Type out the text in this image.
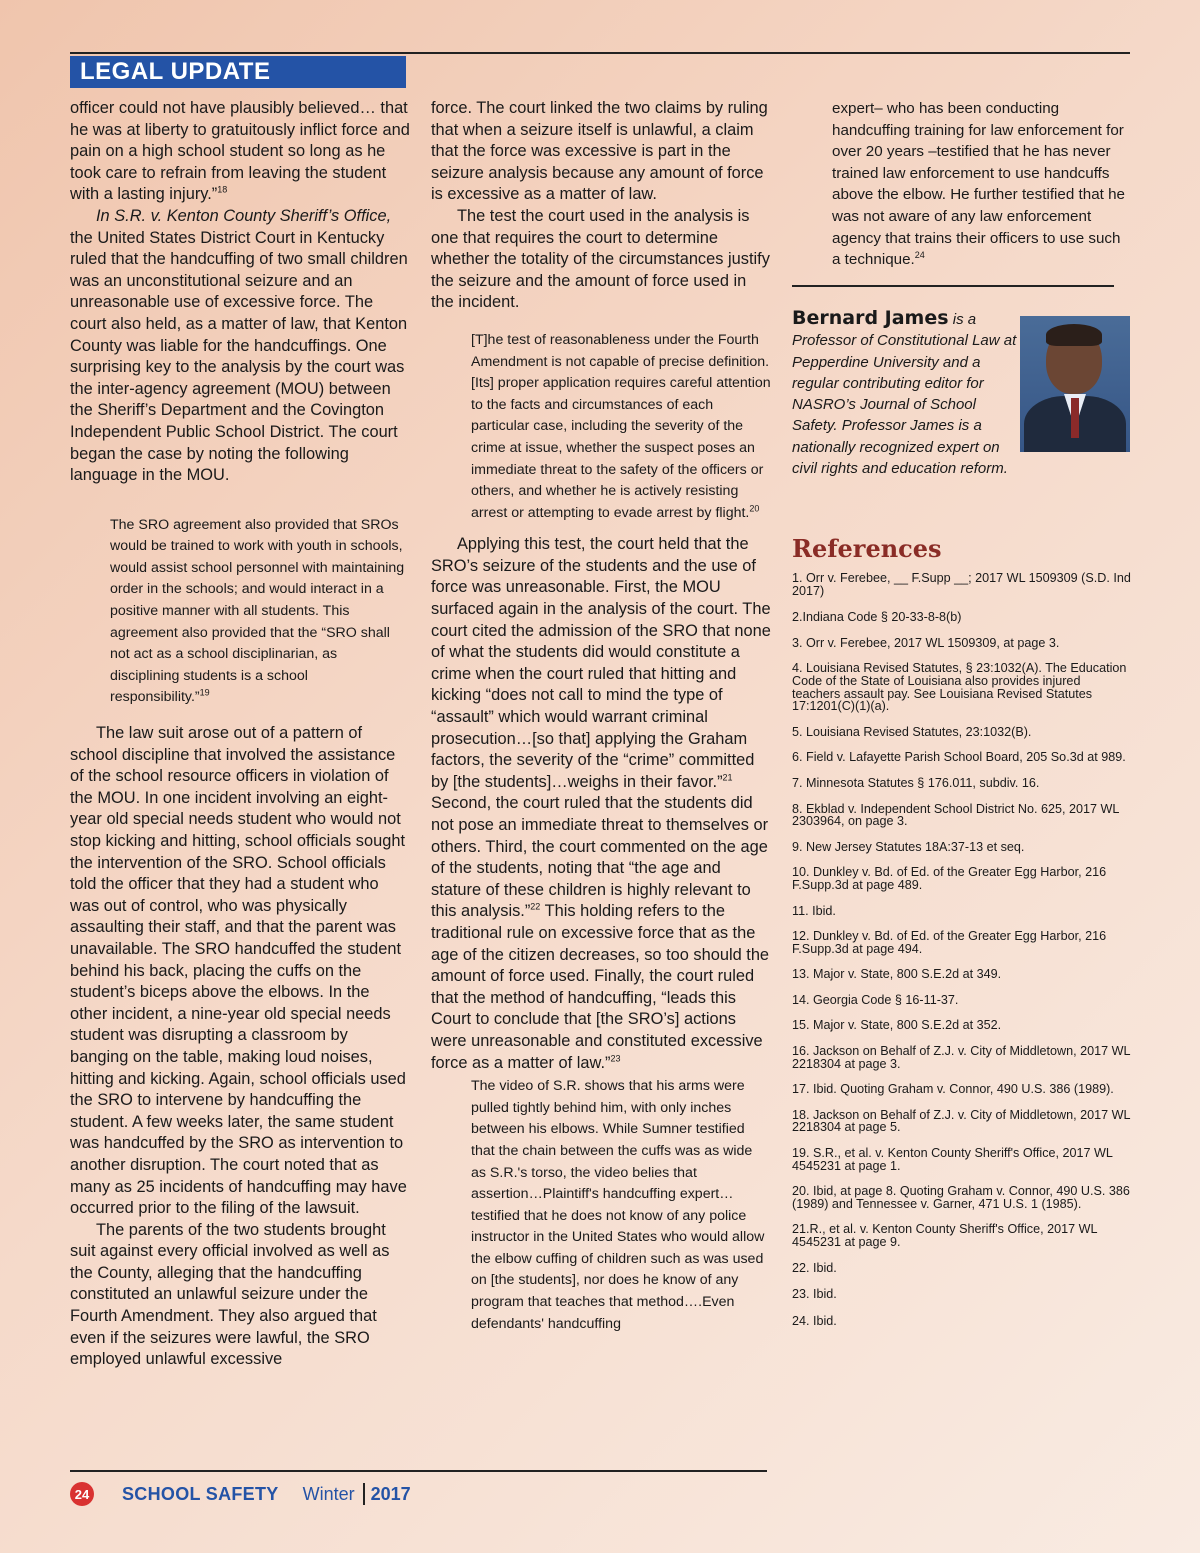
LEGAL UPDATE

officer could not have plausibly believed… that he was at liberty to gratuitously inflict force and pain on a high school student so long as he took care to refrain from leaving the student with a lasting injury.”$^{18}$

In S.R. v. Kenton County Sheriff’s Office, the United States District Court in Kentucky ruled that the handcuffing of two small children was an unconstitutional seizure and an unreasonable use of excessive force. The court also held, as a matter of law, that Kenton County was liable for the handcuffings. One surprising key to the analysis by the court was the inter-agency agreement (MOU) between the Sheriff’s Department and the Covington Independent Public School District. The court began the case by noting the following language in the MOU.

The SRO agreement also provided that SROs would be trained to work with youth in schools, would assist school personnel with maintaining order in the schools; and would interact in a positive manner with all students. This agreement also provided that the “SRO shall not act as a school disciplinarian, as disciplining students is a school responsibility.”$^{19}$

The law suit arose out of a pattern of school discipline that involved the assistance of the school resource officers in violation of the MOU. In one incident involving an eight-year old special needs student who would not stop kicking and hitting, school officials sought the intervention of the SRO. School officials told the officer that they had a student who was out of control, who was physically assaulting their staff, and that the parent was unavailable. The SRO handcuffed the student behind his back, placing the cuffs on the student’s biceps above the elbows. In the other incident, a nine-year old special needs student was disrupting a classroom by banging on the table, making loud noises, hitting and kicking. Again, school officials used the SRO to intervene by handcuffing the student. A few weeks later, the same student was handcuffed by the SRO as intervention to another disruption. The court noted that as many as 25 incidents of handcuffing may have occurred prior to the filing of the lawsuit.

The parents of the two students brought suit against every official involved as well as the County, alleging that the handcuffing constituted an unlawful seizure under the Fourth Amendment. They also argued that even if the seizures were lawful, the SRO employed unlawful excessive

force. The court linked the two claims by ruling that when a seizure itself is unlawful, a claim that the force was excessive is part in the seizure analysis because any amount of force is excessive as a matter of law.

The test the court used in the analysis is one that requires the court to determine whether the totality of the circumstances justify the seizure and the amount of force used in the incident.

[T]he test of reasonableness under the Fourth Amendment is not capable of precise definition. [Its] proper application requires careful attention to the facts and circumstances of each particular case, including the severity of the crime at issue, whether the suspect poses an immediate threat to the safety of the officers or others, and whether he is actively resisting arrest or attempting to evade arrest by flight.$^{20}$

Applying this test, the court held that the SRO’s seizure of the students and the use of force was unreasonable. First, the MOU surfaced again in the analysis of the court. The court cited the admission of the SRO that none of what the students did would constitute a crime when the court ruled that hitting and kicking “does not call to mind the type of “assault” which would warrant criminal prosecution…[so that] applying the Graham factors, the severity of the “crime” committed by [the students]…weighs in their favor.”$^{21}$ Second, the court ruled that the students did not pose an immediate threat to themselves or others. Third, the court commented on the age of the students, noting that “the age and stature of these children is highly relevant to this analysis.”$^{22}$ This holding refers to the traditional rule on excessive force that as the age of the citizen decreases, so too should the amount of force used. Finally, the court ruled that the method of handcuffing, “leads this Court to conclude that [the SRO’s] actions were unreasonable and constituted excessive force as a matter of law.”$^{23}$

The video of S.R. shows that his arms were pulled tightly behind him, with only inches between his elbows. While Sumner testified that the chain between the cuffs was as wide as S.R.'s torso, the video belies that assertion…Plaintiff's handcuffing expert…testified that he does not know of any police instructor in the United States who would allow the elbow cuffing of children such as was used on [the students], nor does he know of any program that teaches that method….Even defendants' handcuffing

expert– who has been conducting handcuffing training for law enforcement for over 20 years –testified that he has never trained law enforcement to use handcuffs above the elbow. He further testified that he was not aware of any law enforcement agency that trains their officers to use such a technique.$^{24}$

Bernard James is a Professor of Constitutional Law at Pepperdine University and a regular contributing editor for NASRO’s Journal of School Safety. Professor James is a nationally recognized expert on civil rights and education reform.
References

1. Orr v. Ferebee, __ F.Supp __; 2017 WL 1509309 (S.D. Ind 2017)

2.Indiana Code § 20-33-8-8(b)

3. Orr v. Ferebee, 2017 WL 1509309, at page 3.

4. Louisiana Revised Statutes, § 23:1032(A). The Education Code of the State of Louisiana also provides injured teachers assault pay. See Louisiana Revised Statutes 17:1201(C)(1)(a).

5. Louisiana Revised Statutes, 23:1032(B).

6. Field v. Lafayette Parish School Board, 205 So.3d at 989.

7. Minnesota Statutes § 176.011, subdiv. 16.

8. Ekblad v. Independent School District No. 625, 2017 WL 2303964, on page 3.

9. New Jersey Statutes 18A:37-13 et seq.

10. Dunkley v. Bd. of Ed. of the Greater Egg Harbor, 216 F.Supp.3d at page 489.

11. Ibid.

12. Dunkley v. Bd. of Ed. of the Greater Egg Harbor, 216 F.Supp.3d at page 494.

13. Major v. State, 800 S.E.2d at 349.

14. Georgia Code § 16-11-37.

15. Major v. State, 800 S.E.2d at 352.

16. Jackson on Behalf of Z.J. v. City of Middletown, 2017 WL 2218304 at page 3.

17. Ibid. Quoting Graham v. Connor, 490 U.S. 386 (1989).

18. Jackson on Behalf of Z.J. v. City of Middletown, 2017 WL 2218304 at page 5.

19. S.R., et al. v. Kenton County Sheriff's Office, 2017 WL 4545231 at page 1.

20. Ibid, at page 8. Quoting Graham v. Connor, 490 U.S. 386 (1989) and Tennessee v. Garner, 471 U.S. 1 (1985).

21.R., et al. v. Kenton County Sheriff's Office, 2017 WL 4545231 at page 9.

22. Ibid.

23. Ibid.

24. Ibid.

24 SCHOOL SAFETY Winter 2017
